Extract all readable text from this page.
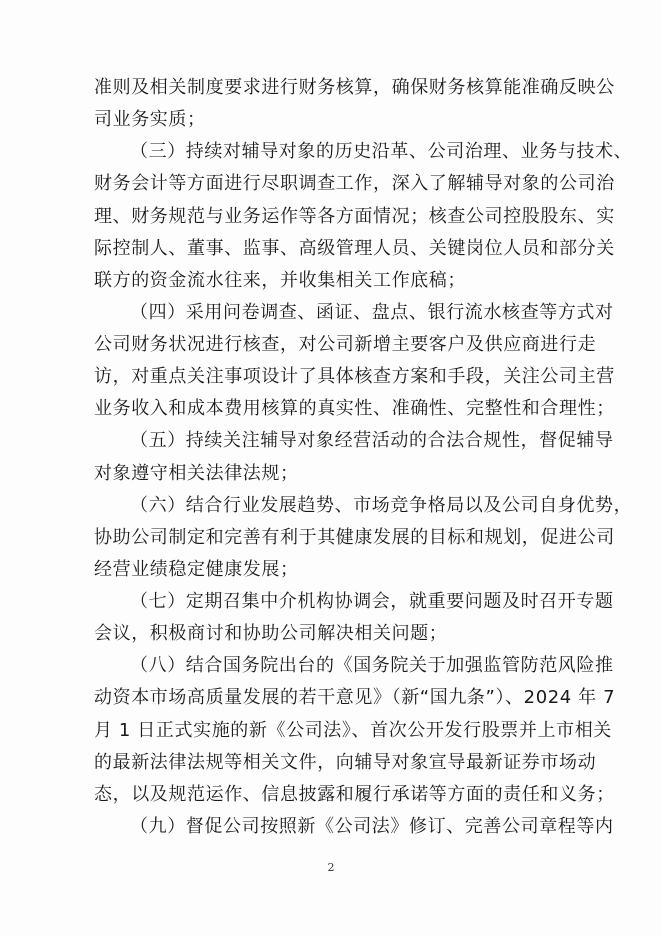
准则及相关制度要求进行财务核算，确保财务核算能准确反映公
司业务实质；
（三）持续对辅导对象的历史沿革、公司治理、业务与技术、
财务会计等方面进行尽职调查工作，深入了解辅导对象的公司治
理、财务规范与业务运作等各方面情况；核查公司控股股东、实
际控制人、董事、监事、高级管理人员、关键岗位人员和部分关
联方的资金流水往来，并收集相关工作底稿；
（四）采用问卷调查、函证、盘点、银行流水核查等方式对
公司财务状况进行核查，对公司新增主要客户及供应商进行走
访，对重点关注事项设计了具体核查方案和手段，关注公司主营
业务收入和成本费用核算的真实性、准确性、完整性和合理性；
（五）持续关注辅导对象经营活动的合法合规性，督促辅导
对象遵守相关法律法规；
（六）结合行业发展趋势、市场竞争格局以及公司自身优势，
协助公司制定和完善有利于其健康发展的目标和规划，促进公司
经营业绩稳定健康发展；
（七）定期召集中介机构协调会，就重要问题及时召开专题
会议，积极商讨和协助公司解决相关问题；
（八）结合国务院出台的《国务院关于加强监管防范风险推
动资本市场高质量发展的若干意见》（新“国九条”）、2024 年 7
月 1 日正式实施的新《公司法》、首次公开发行股票并上市相关
的最新法律法规等相关文件，向辅导对象宣导最新证券市场动
态，以及规范运作、信息披露和履行承诺等方面的责任和义务；
（九）督促公司按照新《公司法》修订、完善公司章程等内
2
